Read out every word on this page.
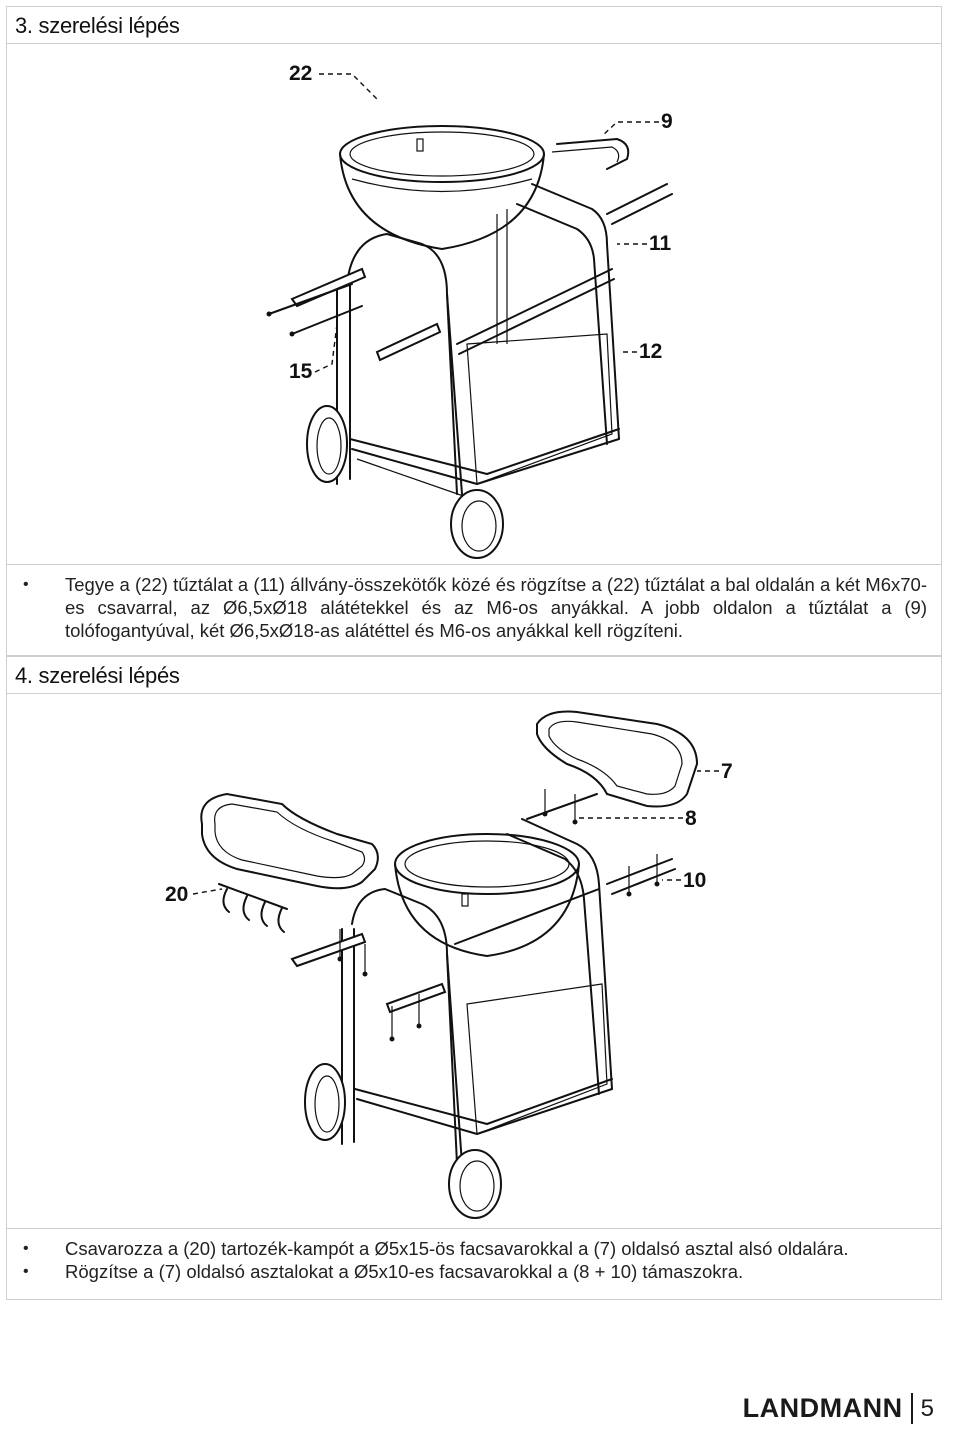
3. szerelési lépés
22
9
11
12
15
• Tegye a (22) tűztálat a (11) állvány-összekötők közé és rögzítse a (22) tűztálat a bal oldalán a két M6x70-es csavarral, az Ø6,5xØ18 alátétekkel és az M6-os anyákkal. A jobb oldalon a tűztálat a (9) tolófogantyúval, két Ø6,5xØ18-as alátéttel és M6-os anyákkal kell rögzíteni.
4. szerelési lépés
7
8
20
10
• Csavarozza a (20) tartozék-kampót a Ø5x15-ös facsavarokkal a (7) oldalsó asztal alsó oldalára.
• Rögzítse a (7) oldalsó asztalokat a Ø5x10-es facsavarokkal a (8 + 10) támaszokra.
LANDMANN 5
